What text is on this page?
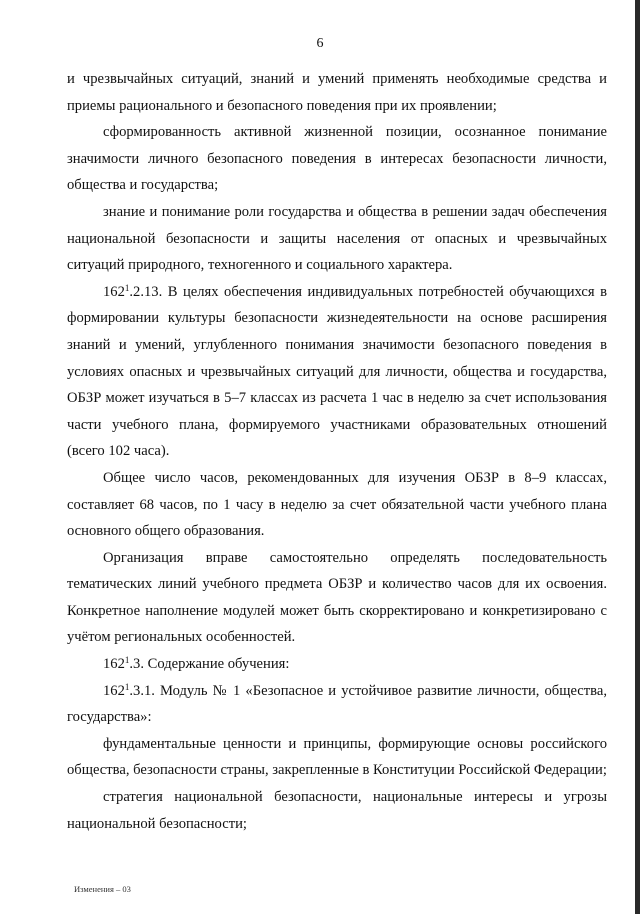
6

и чрезвычайных ситуаций, знаний и умений применять необходимые средства и приемы рационального и безопасного поведения при их проявлении;

сформированность активной жизненной позиции, осознанное понимание значимости личного безопасного поведения в интересах безопасности личности, общества и государства;

знание и понимание роли государства и общества в решении задач обеспечения национальной безопасности и защиты населения от опасных и чрезвычайных ситуаций природного, техногенного и социального характера.

$162^1.2.13$. В целях обеспечения индивидуальных потребностей обучающихся в формировании культуры безопасности жизнедеятельности на основе расширения знаний и умений, углубленного понимания значимости безопасного поведения в условиях опасных и чрезвычайных ситуаций для личности, общества и государства, ОБЗР может изучаться в 5–7 классах из расчета 1 час в неделю за счет использования части учебного плана, формируемого участниками образовательных отношений (всего 102 часа).

Общее число часов, рекомендованных для изучения ОБЗР в 8–9 классах, составляет 68 часов, по 1 часу в неделю за счет обязательной части учебного плана основного общего образования.

Организация вправе самостоятельно определять последовательность тематических линий учебного предмета ОБЗР и количество часов для их освоения. Конкретное наполнение модулей может быть скорректировано и конкретизировано с учётом региональных особенностей.

$162^1.3$. Содержание обучения:

$162^1.3.1$. Модуль № 1 «Безопасное и устойчивое развитие личности, общества, государства»:

фундаментальные ценности и принципы, формирующие основы российского общества, безопасности страны, закрепленные в Конституции Российской Федерации;

стратегия национальной безопасности, национальные интересы и угрозы национальной безопасности;

Изменения – 03
